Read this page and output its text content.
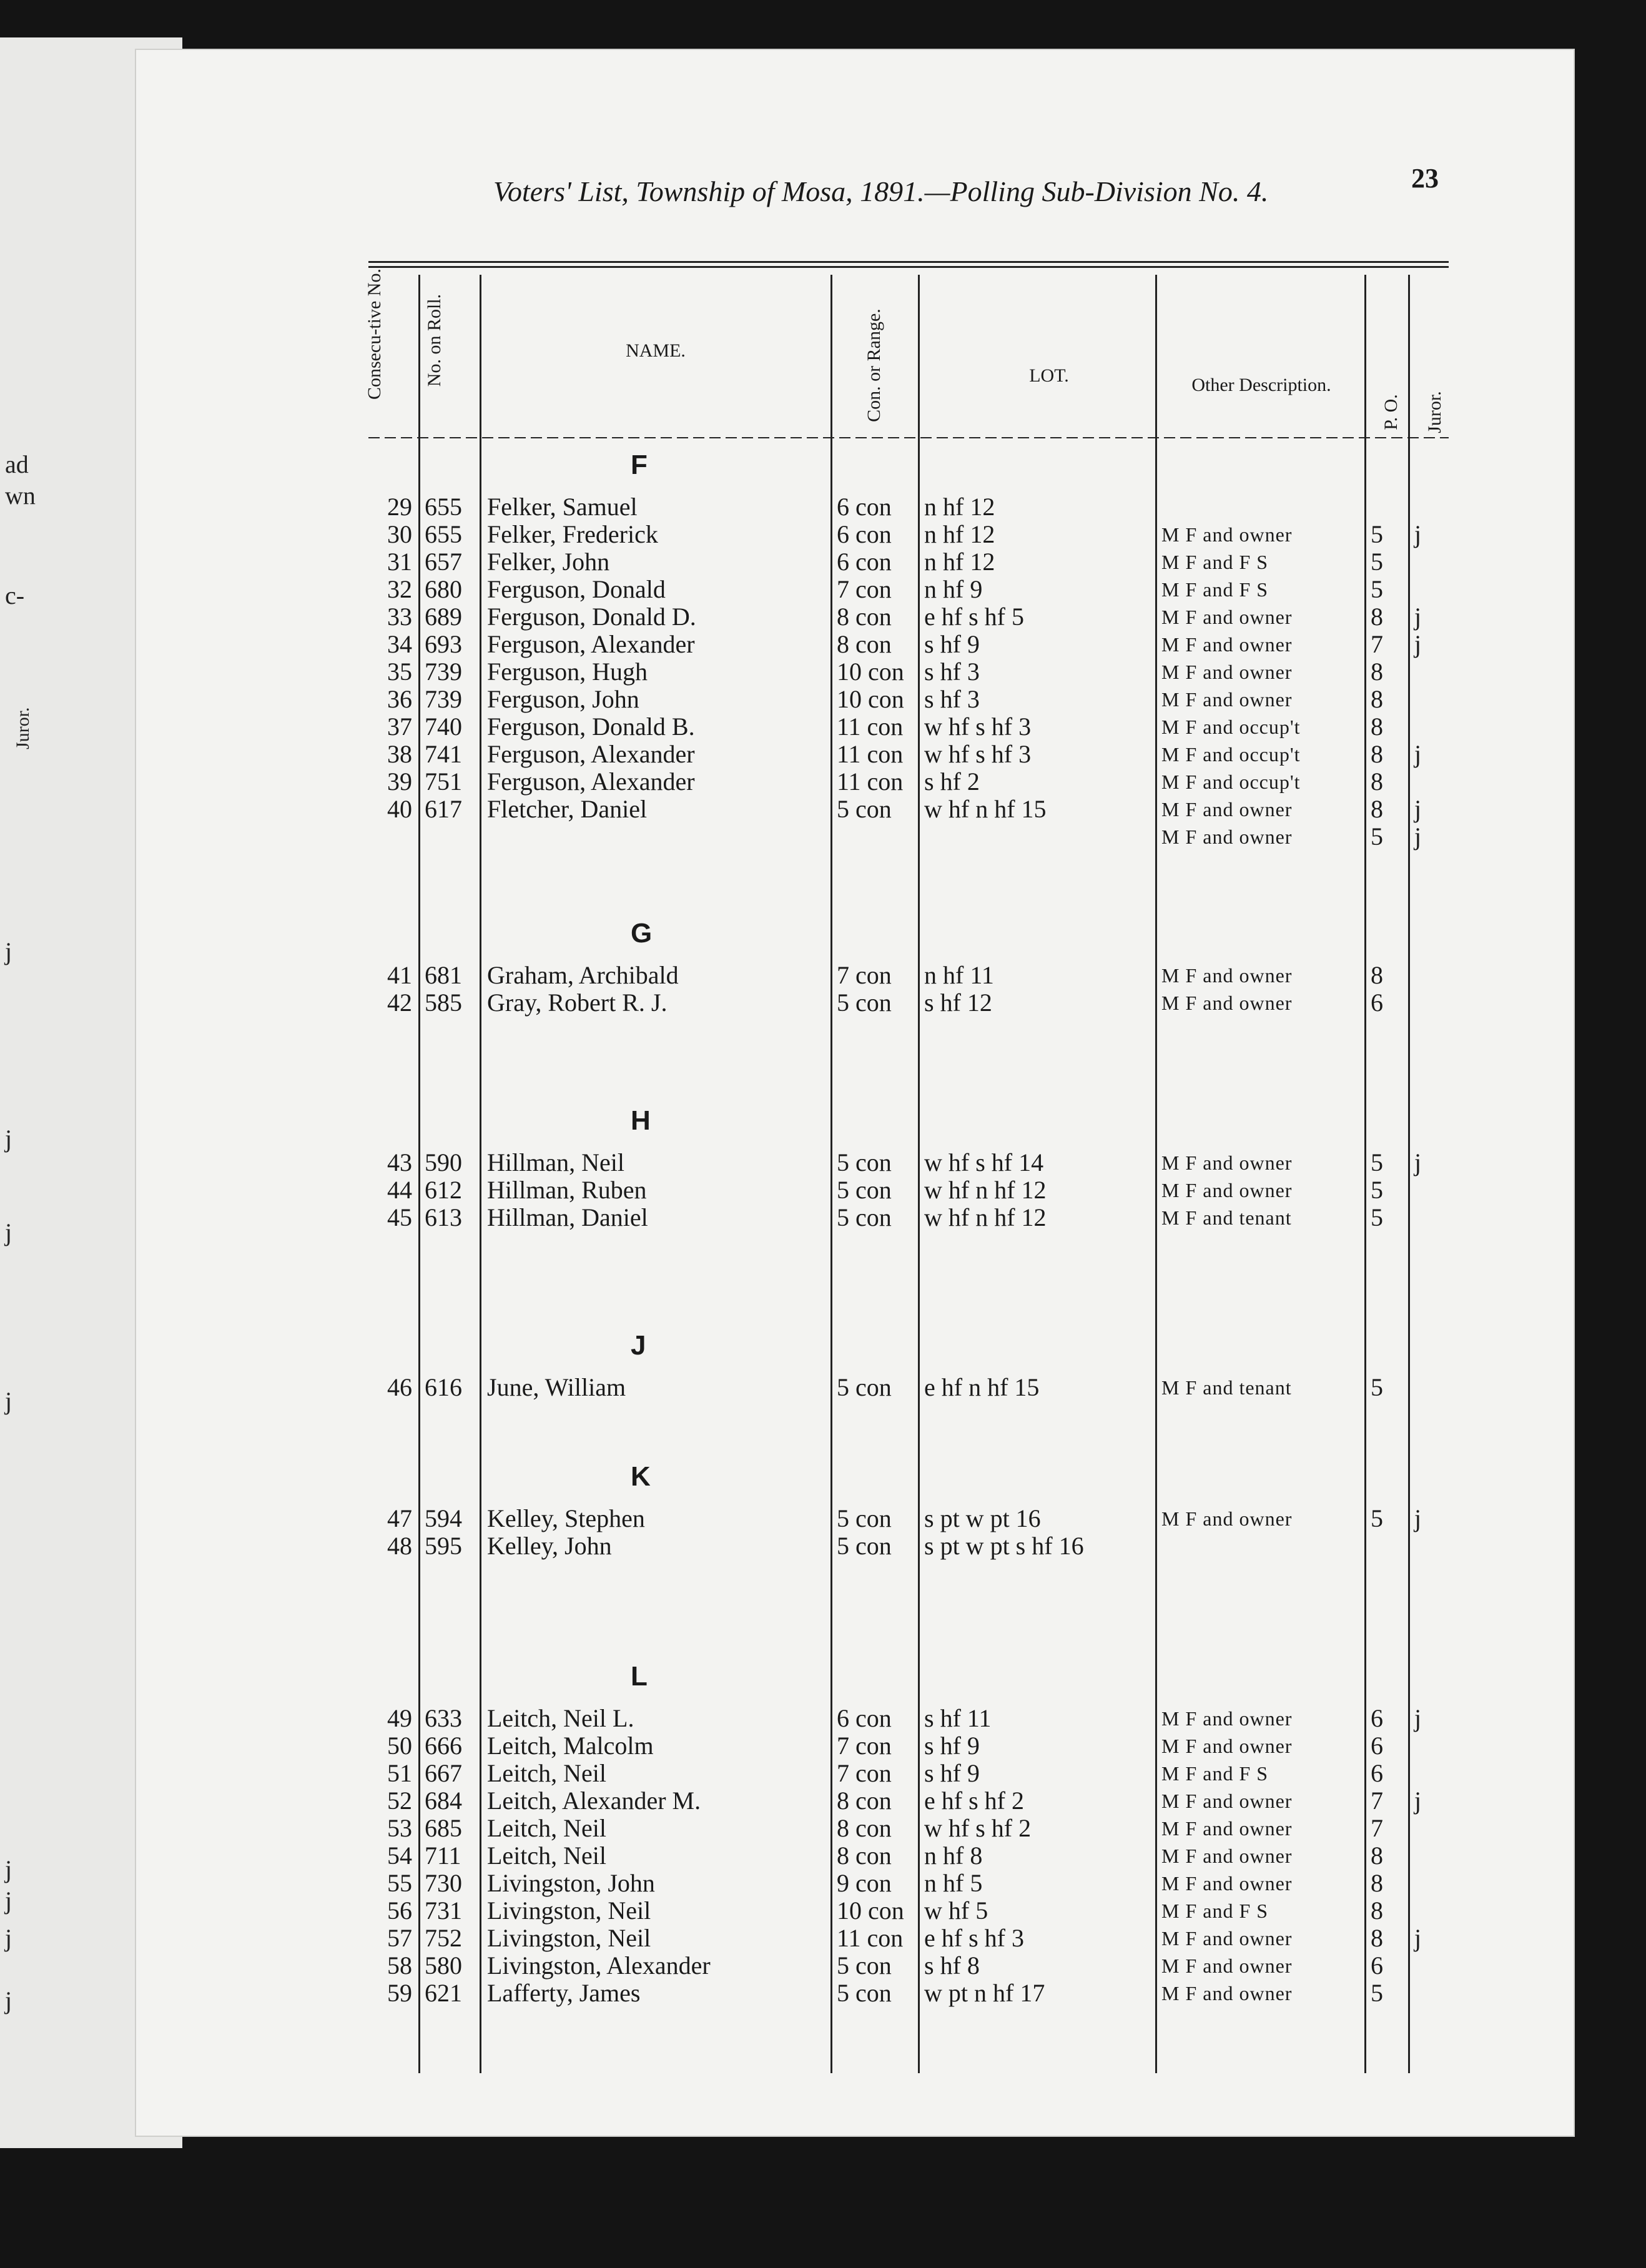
ad
wn
c-
Juror.
j
j
j
j
j
j
j
j
Voters' List, Township of Mosa, 1891.—Polling Sub-Division No. 4.	23
Consecu-tive No. No. on Roll.	NAME.	Con. or Range.	LOT.	Other Description.
P. O. Juror.
F
29 655 Felker, Samuel	6 con n hf 12
30 655 Felker, Frederick	6 con n hf 12	M F and owner	5 j
31 657 Felker, John	6 con n hf 12	M F and F S	5
32 680 Ferguson, Donald	7 con n hf 9	M F and F S	5
33 689 Ferguson, Donald D.	8 con e hf s hf 5	M F and owner	8 j
34 693 Ferguson, Alexander	8 con s hf 9	M F and owner	7 j
35 739 Ferguson, Hugh	10 con s hf 3	M F and owner	8
36 739 Ferguson, John	10 con s hf 3	M F and owner	8
37 740 Ferguson, Donald B.	11 con w hf s hf 3	M F and occup't	8
38 741 Ferguson, Alexander	11 con w hf s hf 3	M F and occup't	8 j
39 751 Ferguson, Alexander	11 con s hf 2	M F and occup't	8
40 617 Fletcher, Daniel	5 con w hf n hf 15	M F and owner	8 j
M F and owner	5 j
G
41 681 Graham, Archibald	7 con n hf 11	M F and owner	8
42 585 Gray, Robert R. J.	5 con s hf 12	M F and owner	6
H
43 590 Hillman, Neil	5 con w hf s hf 14	M F and owner	5 j
44 612 Hillman, Ruben	5 con w hf n hf 12	M F and owner	5
45 613 Hillman, Daniel	5 con w hf n hf 12	M F and tenant	5
J
46 616 June, William	5 con e hf n hf 15	M F and tenant	5
K
47 594 Kelley, Stephen	5 con s pt w pt 16	M F and owner	5 j
48 595 Kelley, John	5 con s pt w pt s hf 16
L
49 633 Leitch, Neil L.	6 con s hf 11	M F and owner	6 j
50 666 Leitch, Malcolm	7 con s hf 9	M F and owner	6
51 667 Leitch, Neil	7 con s hf 9	M F and F S	6
52 684 Leitch, Alexander M.	8 con e hf s hf 2	M F and owner	7 j
53 685 Leitch, Neil	8 con w hf s hf 2	M F and owner	7
54 711 Leitch, Neil	8 con n hf 8	M F and owner	8
55 730 Livingston, John	9 con n hf 5	M F and owner	8
56 731 Livingston, Neil	10 con w hf 5	M F and F S	8
57 752 Livingston, Neil	11 con e hf s hf 3	M F and owner	8 j
58 580 Livingston, Alexander	5 con s hf 8	M F and owner	6
59 621 Lafferty, James	5 con w pt n hf 17	M F and owner	5
